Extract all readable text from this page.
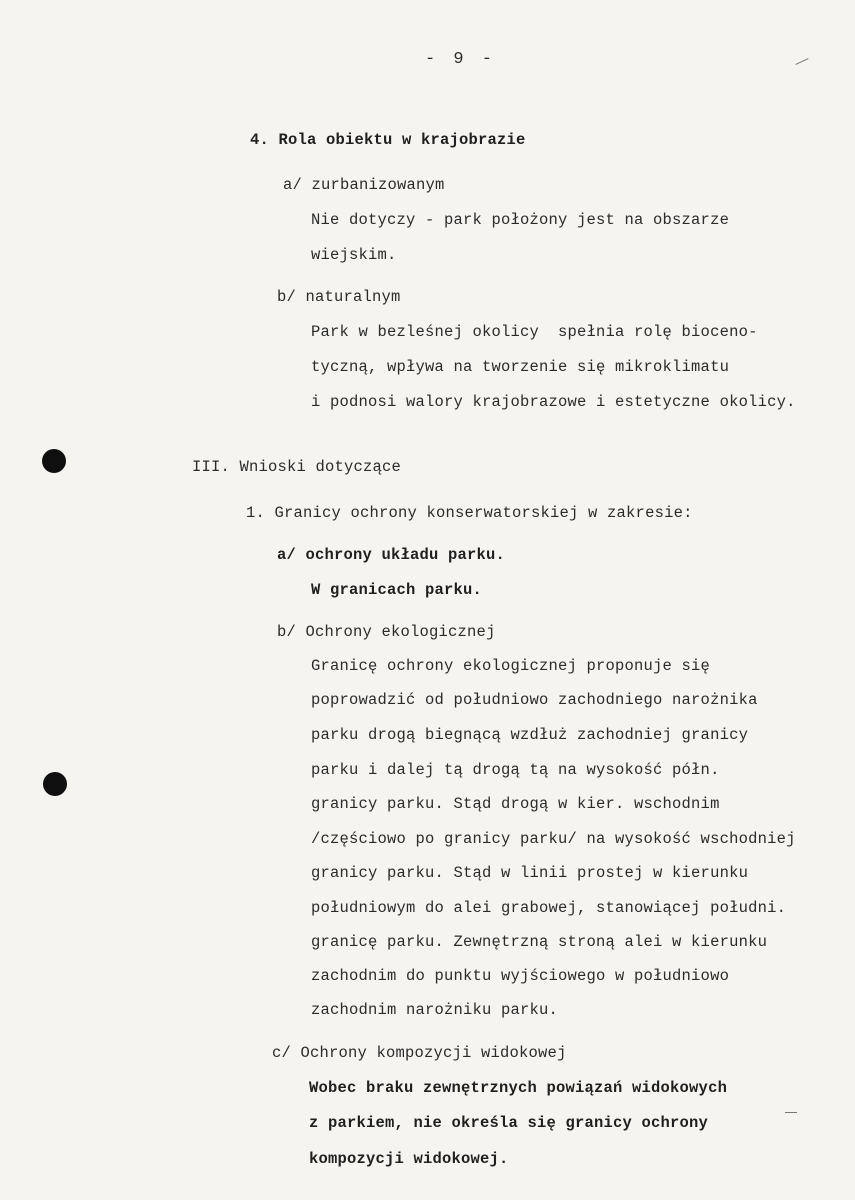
- 9 -
4. Rola obiektu w krajobrazie
a/ zurbanizowanym
Nie dotyczy - park położony jest na obszarze
wiejskim.
b/ naturalnym
Park w bezleśnej okolicy  spełnia rolę bioceno-
tyczną, wpływa na tworzenie się mikroklimatu
i podnosi walory krajobrazowe i estetyczne okolicy.
III. Wnioski dotyczące
1. Granicy ochrony konserwatorskiej w zakresie:
a/ ochrony układu parku.
W granicach parku.
b/ Ochrony ekologicznej
Granicę ochrony ekologicznej proponuje się
poprowadzić od południowo zachodniego narożnika
parku drogą biegnącą wzdłuż zachodniej granicy
parku i dalej tą drogą tą na wysokość półn.
granicy parku. Stąd drogą w kier. wschodnim
/częściowo po granicy parku/ na wysokość wschodniej
granicy parku. Stąd w linii prostej w kierunku
południowym do alei grabowej, stanowiącej południ.
granicę parku. Zewnętrzną stroną alei w kierunku
zachodnim do punktu wyjściowego w południowo
zachodnim narożniku parku.
c/ Ochrony kompozycji widokowej
Wobec braku zewnętrznych powiązań widokowych
z parkiem, nie określa się granicy ochrony
kompozycji widokowej.
